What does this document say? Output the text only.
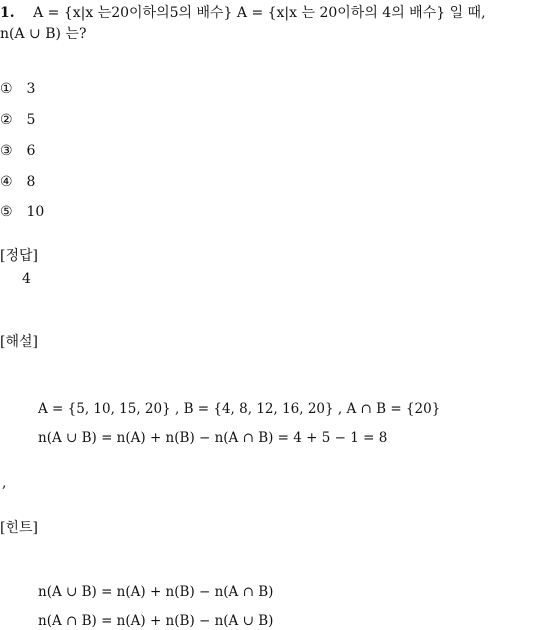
1. A = {x|x 는20이하의5의 배수} A = {x|x 는 20이하의 4의 배수} 일 때,
n(A ∪ B) 는?
① 3
② 5
③ 6
④ 8
⑤ 10
[정답]
4
[해설]
A = {5, 10, 15, 20} , B = {4, 8, 12, 16, 20} , A ∩ B = {20}
n(A ∪ B) = n(A) + n(B) − n(A ∩ B) = 4 + 5 − 1 = 8
,
[힌트]
n(A ∪ B) = n(A) + n(B) − n(A ∩ B)
n(A ∩ B) = n(A) + n(B) − n(A ∪ B)
